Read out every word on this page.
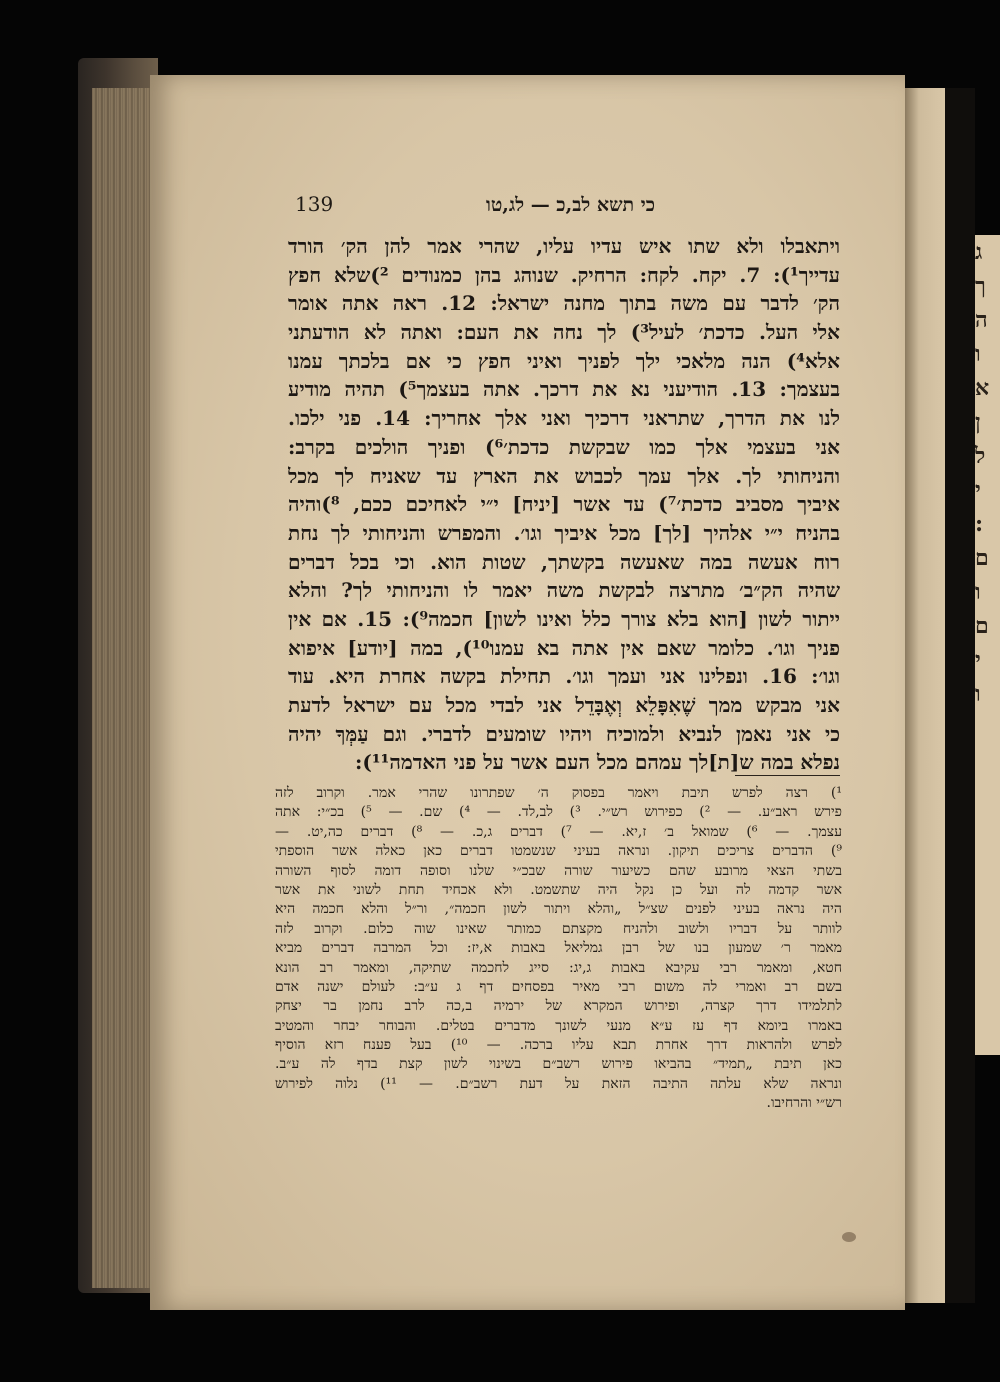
ג
ך
ה
ו
א
ן
ל
י
:
ם
ו
ם
י
ו
139	כי תשא לב,כ — לג,טו
ויתאבלו ולא שתו איש עדיו עליו, שהרי אמר להן הק׳ הורד
עדייך¹): 7. יקח. לקח: הרחיק. שנוהג בהן כמנודים ²)שלא חפץ
הק׳ לדבר עם משה בתוך מחנה ישראל: 12. ראה אתה אומר
אלי העל. כדכת׳ לעיל³) לך נחה את העם: ואתה לא הודעתני
אלא⁴) הנה מלאכי ילך לפניך ואיני חפץ כי אם בלכתך עמנו
בעצמך: 13. הודיעני נא את דרכך. אתה בעצמך⁵) תהיה מודיע
לנו את הדרך, שתראני דרכיך ואני אלך אחריך: 14. פני ילכו.
אני בעצמי אלך כמו שבקשת כדכת׳⁶) ופניך הולכים בקרב:
והניחותי לך. אלך עמך לכבוש את הארץ עד שאניח לך מכל
איביך מסביב כדכת׳⁷) עד אשר [יניח] י״י לאחיכם ככם, ⁸)והיה
בהניח י״י אלהיך [לך] מכל איביך וגו׳. והמפרש והניחותי לך נחת
רוח אעשה במה שאעשה בקשתך, שטות הוא. וכי בכל דברים
שהיה הק״ב׳ מתרצה לבקשת משה יאמר לו והניחותי לך? והלא
ייתור לשון [הוא בלא צורך כלל ואינו לשון] חכמה⁹): 15. אם אין
פניך וגו׳. כלומר שאם אין אתה בא עמנו¹⁰), במה [יודע] איפוא
וגו׳: 16. ונפלינו אני ועמך וגו׳. תחילת בקשה אחרת היא. עוד
אני מבקש ממך שֶׁאִפָּלֵא וְאֶבָּדֵל אני לבדי מכל עם ישראל לדעת
כי אני נאמן לנביא ולמוכיח ויהיו שומעים לדברי. וגם עַמְּךָ יהיה
נפלא במה ש[ת]לך עמהם מכל העם אשר על פני האדמה¹¹):
¹) רצה לפרש תיבת ויאמר בפסוק ה׳ שפתרונו שהרי אמר. וקרוב לזה
פירש ראב״ע. — ²) כפירוש רש״י. ³) לב,לד. — ⁴) שם. — ⁵) בכ״י: אתה
עצמך. — ⁶) שמואל ב׳ ז,יא. — ⁷) דברים ג,כ. — ⁸) דברים כה,יט. —
⁹) הדברים צריכים תיקון. ונראה בעיני שנשמטו דברים כאן כאלה אשר הוספתי
בשתי הצאי מרובע שהם כשיעור שורה שבכ״י שלנו וסופה דומה לסוף השורה
אשר קדמה לה ועל כן נקל היה שתשמט. ולא אכחיד תחת לשוני את אשר
היה נראה בעיני לפנים שצ״ל „והלא ויתור לשון חכמה״, ור״ל והלא חכמה היא
לוותר על דבריו ולשוב ולהניח מקצתם כמותר שאינו שוה כלום. וקרוב לזה
מאמר ר׳ שמעון בנו של רבן גמליאל באבות א,יז: וכל המרבה דברים מביא
חטא, ומאמר רבי עקיבא באבות ג,יג: סייג לחכמה שתיקה, ומאמר רב הונא
בשם רב ואמרי לה משום רבי מאיר בפסחים דף ג ע״ב: לעולם ישנה אדם
לתלמידו דרך קצרה, ופירוש המקרא של ירמיה ב,כה לרב נחמן בר יצחק
באמרו ביומא דף עז ע״א מנעי לשונך מדברים בטלים. והבוחר יבחר והמטיב
לפרש ולהראות דרך אחרת תבא עליו ברכה. — ¹⁰) בעל פענח רזא הוסיף
כאן תיבת „תמיד״ בהביאו פירוש רשב״ם בשינוי לשון קצת בדף לה ע״ב.
ונראה שלא עלתה התיבה הזאת על דעת רשב״ם. — ¹¹) נלוה לפירוש
רש״י והרחיבו.
